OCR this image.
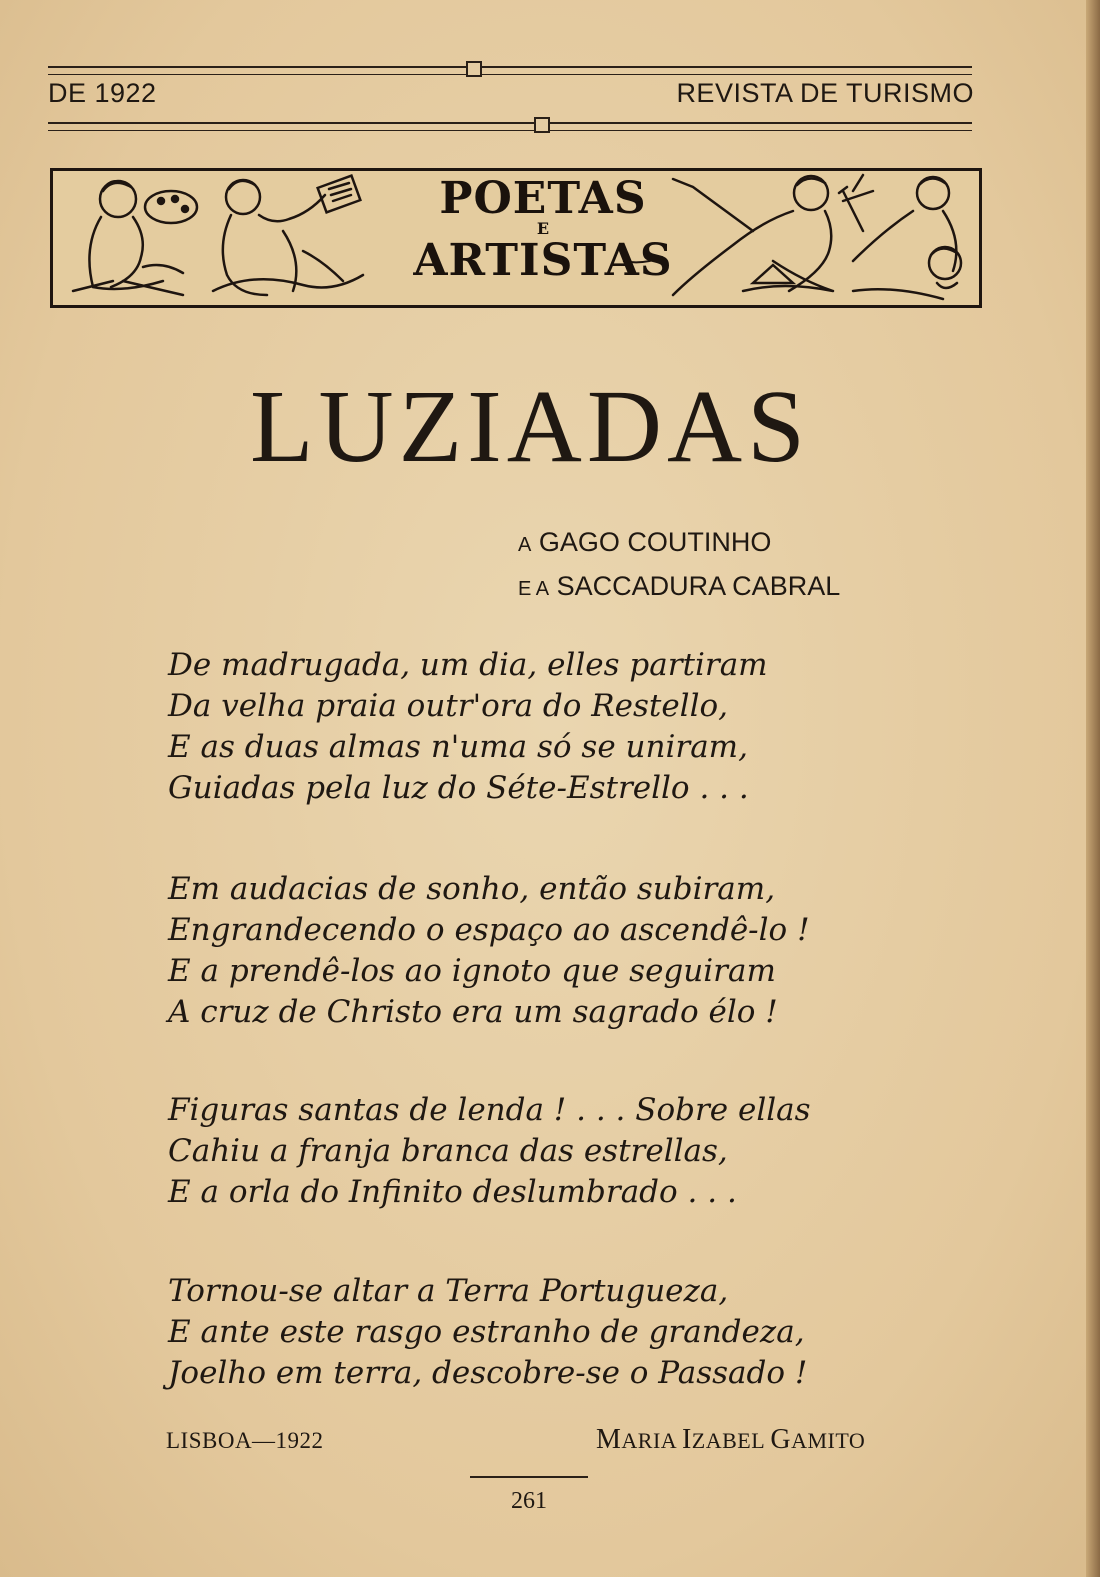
DE 1922	REVISTA DE TURISMO
POETAS
E
ARTISTAS
LUZIADAS
A GAGO COUTINHO
E A SACCADURA CABRAL
De madrugada, um dia, elles partiram
Da velha praia outr'ora do Restello,
E as duas almas n'uma só se uniram,
Guiadas pela luz do Séte-Estrello . . .
Em audacias de sonho, então subiram,
Engrandecendo o espaço ao ascendê-lo !
E a prendê-los ao ignoto que seguiram
A cruz de Christo era um sagrado élo !
Figuras santas de lenda ! . . . Sobre ellas
Cahiu a franja branca das estrellas,
E a orla do Infinito deslumbrado . . .
Tornou-se altar a Terra Portugueza,
E ante este rasgo estranho de grandeza,
Joelho em terra, descobre-se o Passado !
LISBOA—1922	MARIA IZABEL GAMITO
261
